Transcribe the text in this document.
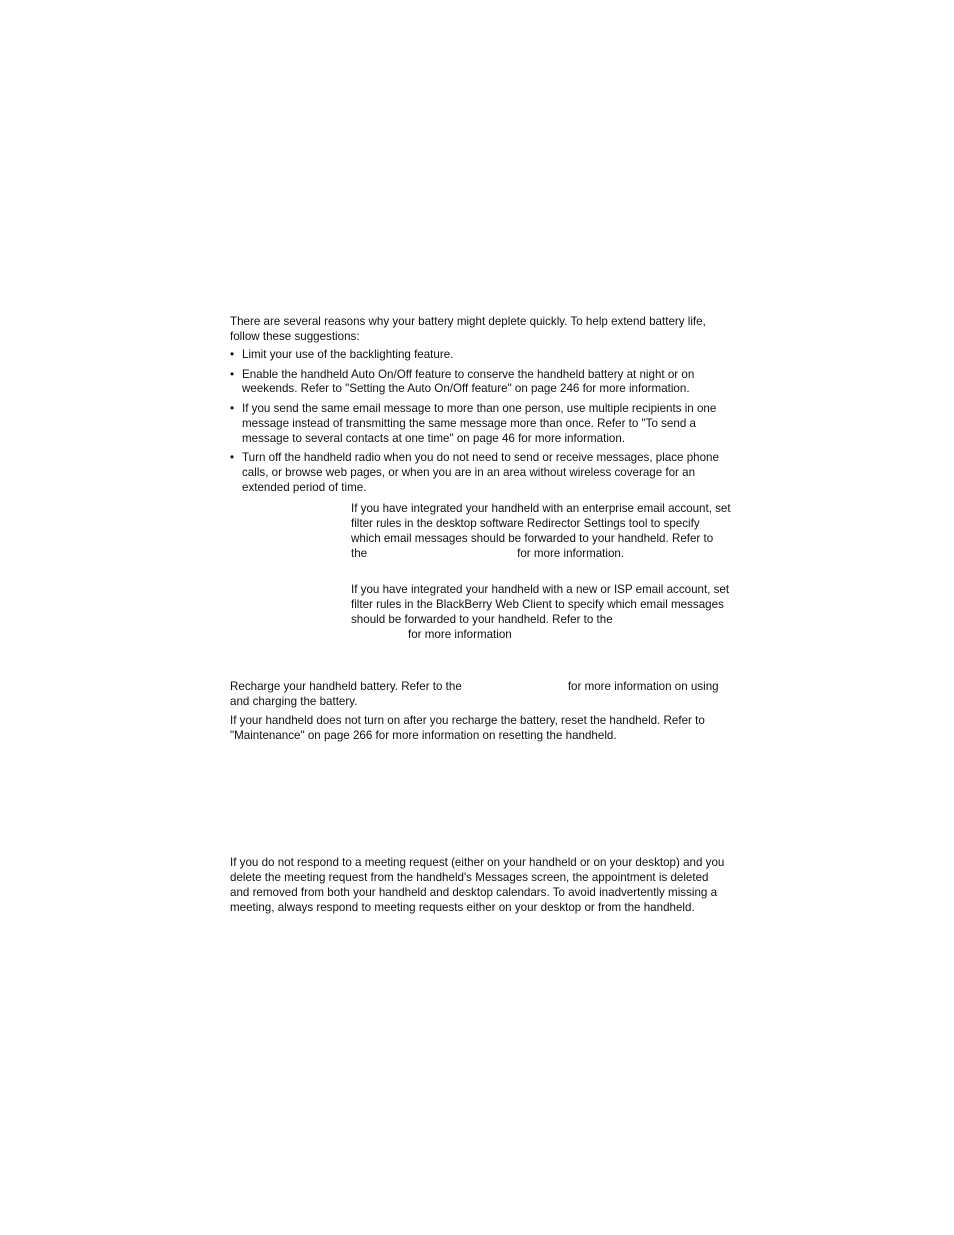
There are several reasons why your battery might deplete quickly. To help extend battery life, follow these suggestions:

• Limit your use of the backlighting feature.
• Enable the handheld Auto On/Off feature to conserve the handheld battery at night or on weekends. Refer to "Setting the Auto On/Off feature" on page 246 for more information.
• If you send the same email message to more than one person, use multiple recipients in one message instead of transmitting the same message more than once. Refer to "To send a message to several contacts at one time" on page 46 for more information.
• Turn off the handheld radio when you do not need to send or receive messages, place phone calls, or browse web pages, or when you are in an area without wireless coverage for an extended period of time.
If you have integrated your handheld with an enterprise email account, set filter rules in the desktop software Redirector Settings tool to specify which email messages should be forwarded to your handheld. Refer to
the	for more information.
If you have integrated your handheld with a new or ISP email account, set filter rules in the BlackBerry Web Client to specify which email messages should be forwarded to your handheld. Refer to the
for more information
Recharge your handheld battery. Refer to the	for more information on using
and charging the battery.

If your handheld does not turn on after you recharge the battery, reset the handheld. Refer to "Maintenance" on page 266 for more information on resetting the handheld.

If you do not respond to a meeting request (either on your handheld or on your desktop) and you delete the meeting request from the handheld's Messages screen, the appointment is deleted and removed from both your handheld and desktop calendars. To avoid inadvertently missing a meeting, always respond to meeting requests either on your desktop or from the handheld.
